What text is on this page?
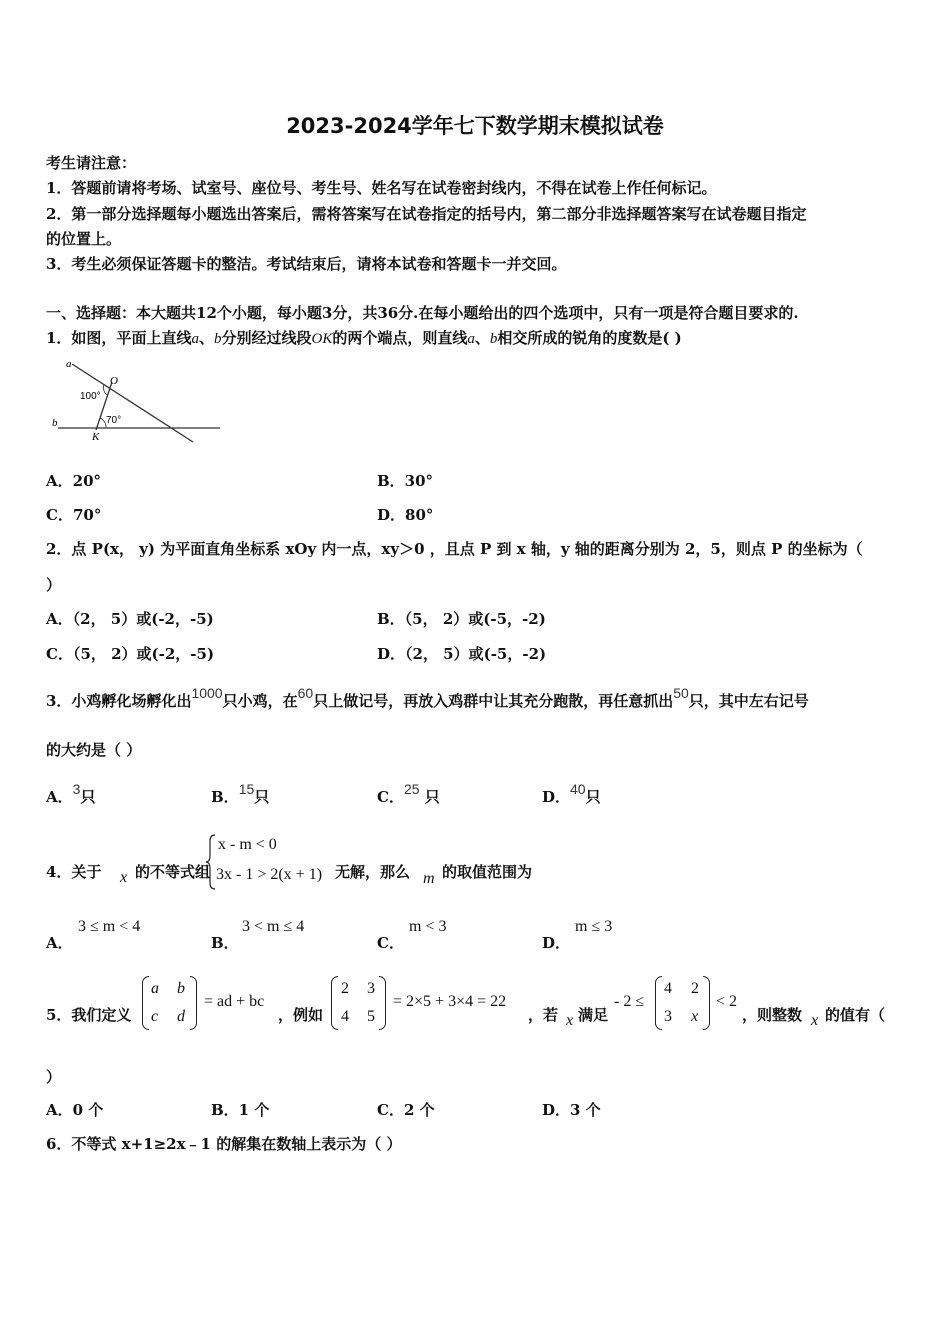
2023-2024学年七下数学期末模拟试卷
考生请注意：
1．答题前请将考场、试室号、座位号、考生号、姓名写在试卷密封线内，不得在试卷上作任何标记。
2．第一部分选择题每小题选出答案后，需将答案写在试卷指定的括号内，第二部分非选择题答案写在试卷题目指定
的位置上。
3．考生必须保证答题卡的整洁。考试结束后，请将本试卷和答题卡一并交回。
一、选择题：本大题共12个小题，每小题3分，共36分.在每小题给出的四个选项中，只有一项是符合题目要求的.
1．如图，平面上直线a、b分别经过线段OK的两个端点，则直线a、b相交所成的锐角的度数是( )
a
O
100°
b	70°
K
A．20°	B．30°
C．70°	D．80°
2．点 P(x， y) 为平面直角坐标系 xOy 内一点，xy＞0 ，且点 P 到 x 轴，y 轴的距离分别为 2，5，则点 P 的坐标为（
）
A．（2， 5）或(-2，-5)	B．（5， 2）或(-5，-2)
C．（5， 2）或(-2，-5)	D．（2， 5）或(-5，-2)
3．小鸡孵化场孵化出1000只小鸡，在60只上做记号，再放入鸡群中让其充分跑散，再任意抓出50只，其中左右记号
的大约是（ ）
A．3只	B．15只	C．25 只	D．40只
4．关于 x 的不等式组
x - m < 0
3x - 1 > 2(x + 1) 无解，那么 m 的取值范围为
A．
3 ≤ m < 4
B．
3 < m ≤ 4
C．
m < 3
D．
m ≤ 3
5．我们定义
a b
c d
= ad + bc
，例如
2 3
4 5
= 2×5 + 3×4 = 22
，若 x 满足
- 2 ≤
4 2
3 x
< 2
，则整数 x 的值有（
）
A．0 个	B．1 个	C．2 个	D．3 个
6．不等式 x+1≥2x﹣1 的解集在数轴上表示为（ ）
